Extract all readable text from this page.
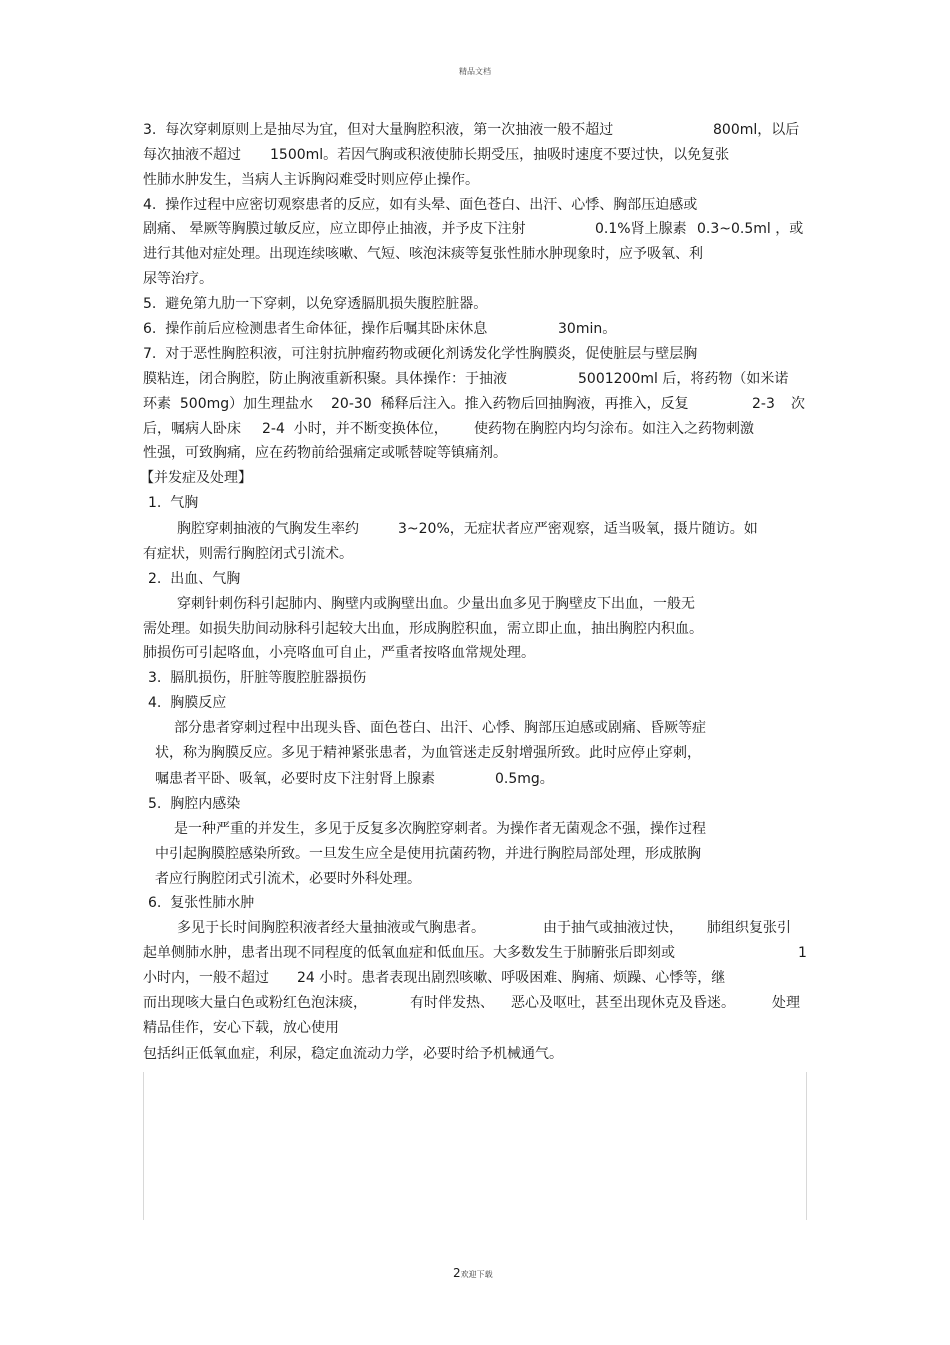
精品文档

3.  每次穿刺原则上是抽尽为宜，但对大量胸腔积液，第一次抽液一般不超过

	800ml，以后

每次抽液不超过

1500ml。若因气胸或积液使肺长期受压，抽吸时速度不要过快，以免复张

性肺水肿发生，当病人主诉胸闷难受时则应停止操作。

4.  操作过程中应密切观察患者的反应，如有头晕、面色苍白、出汗、心悸、胸部压迫感或

剧痛、 晕厥等胸膜过敏反应，应立即停止抽液，并予皮下注射

	0.1%肾上腺素

0.3~0.5ml ，或

进行其他对症处理。出现连续咳嗽、气短、咳泡沫痰等复张性肺水肿现象时，应予吸氧、利

尿等治疗。

5.  避免第九肋一下穿刺，以免穿透膈肌损失腹腔脏器。

6.  操作前后应检测患者生命体征，操作后嘱其卧床休息

	30min。

7.  对于恶性胸腔积液，可注射抗肿瘤药物或硬化剂诱发化学性胸膜炎，促使脏层与壁层胸

膜粘连，闭合胸腔，防止胸液重新积聚。具体操作：于抽液

	5001200ml 后，将药物（如米诺

环素  500mg）加生理盐水

20-30  稀释后注入。推入药物后回抽胸液，再推入，反复

	2-3

次

后，嘱病人卧床

2-4  小时，并不断变换体位，

使药物在胸腔内均匀涂布。如注入之药物刺激

性强，可致胸痛，应在药物前给强痛定或哌替啶等镇痛剂。

【并发症及处理】

1.  气胸

胸腔穿刺抽液的气胸发生率约

	3~20%，无症状者应严密观察，适当吸氧，摄片随访。如

有症状，则需行胸腔闭式引流术。

2.  出血、气胸

穿刺针刺伤科引起肺内、胸壁内或胸壁出血。少量出血多见于胸壁皮下出血，一般无

需处理。如损失肋间动脉科引起较大出血，形成胸腔积血，需立即止血，抽出胸腔内积血。

肺损伤可引起咯血，小亮咯血可自止，严重者按咯血常规处理。

3.  膈肌损伤，肝脏等腹腔脏器损伤

4.  胸膜反应

部分患者穿刺过程中出现头昏、面色苍白、出汗、心悸、胸部压迫感或剧痛、昏厥等症

状，称为胸膜反应。多见于精神紧张患者，为血管迷走反射增强所致。此时应停止穿刺，

嘱患者平卧、吸氧，必要时皮下注射肾上腺素

	0.5mg。

5.  胸腔内感染

是一种严重的并发生，多见于反复多次胸腔穿刺者。为操作者无菌观念不强，操作过程

中引起胸膜腔感染所致。一旦发生应全是使用抗菌药物，并进行胸腔局部处理，形成脓胸

者应行胸腔闭式引流术，必要时外科处理。

6.  复张性肺水肿

多见于长时间胸腔积液者经大量抽液或气胸患者。

	由于抽气或抽液过快，

肺组织复张引

起单侧肺水肿，患者出现不同程度的低氧血症和低血压。大多数发生于肺腑张后即刻或

	1

小时内，一般不超过

24 小时。患者表现出剧烈咳嗽、呼吸困难、胸痛、烦躁、心悸等，继

而出现咳大量白色或粉红色泡沫痰，

	有时伴发热、

恶心及呕吐，甚至出现休克及昏迷。

	处理

精品佳作，安心下载，放心使用

包括纠正低氧血症，利尿，稳定血流动力学，必要时给予机械通气。

2欢迎下载
